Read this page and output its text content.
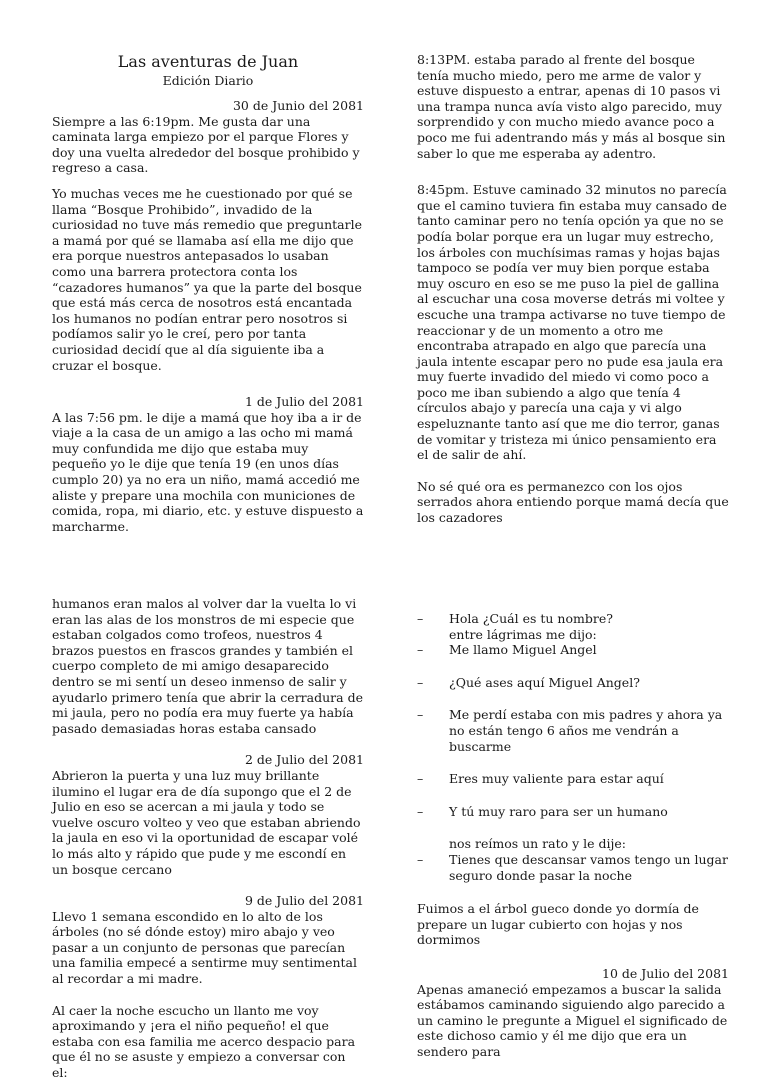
Las aventuras de Juan

Edición Diario

30 de Junio del 2081

Siempre a las 6:19pm. Me gusta dar una caminata larga empiezo por el parque Flores y doy una vuelta alrededor del bosque prohibido y regreso a casa.

Yo muchas veces me he cuestionado por qué se llama “Bosque Prohibido”, invadido de la curiosidad no tuve más remedio que preguntarle a mamá por qué se llamaba así ella me dijo que era porque nuestros antepasados lo usaban como una barrera protectora conta los “cazadores humanos” ya que la parte del bosque que está más cerca de nosotros está encantada los humanos no podían entrar pero nosotros si podíamos salir yo le creí, pero por tanta curiosidad decidí que al día siguiente iba a cruzar el bosque.

1 de Julio del 2081

A las 7:56 pm. le dije a mamá que hoy iba a ir de viaje a la casa de un amigo a las ocho mi mamá muy confundida me dijo que estaba muy pequeño yo le dije que tenía 19 (en unos días cumplo 20) ya no era un niño, mamá accedió me aliste y prepare una mochila con municiones de comida, ropa, mi diario, etc. y estuve dispuesto a marcharme.

8:13PM. estaba parado al frente del bosque tenía mucho miedo, pero me arme de valor y estuve dispuesto a entrar, apenas di 10 pasos vi una trampa nunca avía visto algo parecido, muy sorprendido y con mucho miedo avance poco a poco me fui adentrando más y más al bosque sin saber lo que me esperaba ay adentro.

8:45pm. Estuve caminado 32 minutos no parecía que el camino tuviera fin estaba muy cansado de tanto caminar pero no tenía opción ya que no se podía bolar porque era un lugar muy estrecho, los árboles con muchísimas ramas y hojas bajas tampoco se podía ver muy bien porque estaba muy oscuro en eso se me puso la piel de gallina al escuchar una cosa moverse detrás mi voltee y escuche una trampa activarse no tuve tiempo de reaccionar y de un momento a otro me encontraba atrapado en algo que parecía una jaula intente escapar pero no pude esa jaula era muy fuerte invadido del miedo vi como poco a poco me iban subiendo a algo que tenía 4 círculos abajo y parecía una caja y vi algo espeluznante tanto así que me dio terror, ganas de vomitar y tristeza mi único pensamiento era el de salir de ahí.

No sé qué ora es permanezco con los ojos serrados ahora entiendo porque mamá decía que los cazadores

humanos eran malos al volver dar la vuelta lo vi eran las alas de los monstros de mi especie que estaban colgados como trofeos, nuestros 4 brazos puestos en frascos grandes y también el cuerpo completo de mi amigo desaparecido dentro se mi sentí un deseo inmenso de salir y ayudarlo primero tenía que abrir la cerradura de mi jaula, pero no podía era muy fuerte ya había pasado demasiadas horas estaba cansado

2 de Julio del 2081

Abrieron la puerta y una luz muy brillante ilumino el lugar era de día supongo que el 2 de Julio en eso se acercan a mi jaula y todo se vuelve oscuro volteo y veo que estaban abriendo la jaula en eso vi la oportunidad de escapar volé lo más alto y rápido que pude y me escondí en un bosque cercano

9 de Julio del 2081

Llevo 1 semana escondido en lo alto de los árboles (no sé dónde estoy) miro abajo y veo pasar a un conjunto de personas que parecían una familia empecé a sentirme muy sentimental al recordar a mi madre.

Al caer la noche escucho un llanto me voy aproximando y ¡era el niño pequeño! el que estaba con esa familia me acerco despacio para que él no se asuste y empiezo a conversar con el:

– Hola ¿Cuál es tu nombre?

entre lágrimas me dijo:

– Me llamo Miguel Angel
– ¿Qué ases aquí Miguel Angel?
– Me perdí estaba con mis padres y ahora ya no están tengo 6 años me vendrán a buscarme
– Eres muy valiente para estar aquí
– Y tú muy raro para ser un humano

nos reímos un rato y le dije:

– Tienes que descansar vamos tengo un lugar seguro donde pasar la noche

Fuimos a el árbol gueco donde yo dormía de prepare un lugar cubierto con hojas y nos dormimos

10 de Julio del 2081

Apenas amaneció empezamos a buscar la salida estábamos caminando siguiendo algo parecido a un camino le pregunte a Miguel el significado de este dichoso camio y él me dijo que era un sendero para
